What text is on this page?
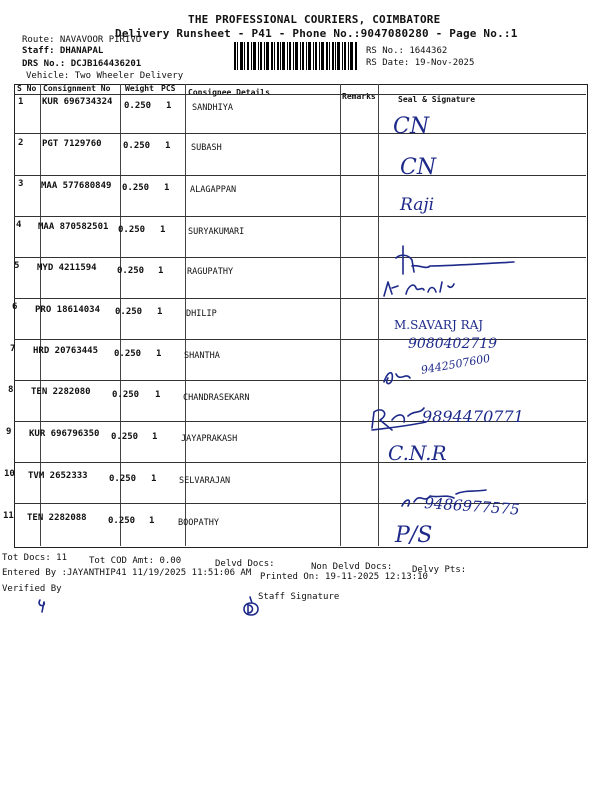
THE PROFESSIONAL COURIERS, COIMBATORE
Delivery Runsheet - P41 - Phone No.:9047080280 - Page No.:1
Route: NAVAVOOR PIRIVU
Staff: DHANAPAL
DRS No.: DCJB164436201
Vehicle: Two Wheeler Delivery
RS No.: 1644362
RS Date: 19-Nov-2025
S No Consignment No Weight PCS Consignee Details	Remarks	Seal & Signature
1 KUR 696734324 0.250 1 SANDHIYA
2 PGT 7129760 0.250 1 SUBASH
3 MAA 577680849 0.250 1 ALAGAPPAN
4 MAA 870582501 0.250 1	SURYAKUMARI
5 MYD 4211594 0.250 1	RAGUPATHY
6 PRO 18614034 0.250 1	DHILIP
7 HRD 20763445 0.250 1	SHANTHA
8 TEN 2282080 0.250 1	CHANDRASEKARN
9 KUR 696796350 0.250 1	JAYAPRAKASH
10 TVM 2652333 0.250 1	SELVARAJAN
11 TEN 2282088 0.250 1	BOOPATHY
CN
CN
Raji
M.SAVARJ RAJ
9080402719
9442507600
9894470771
C.N.R
9486977575
P/S
Tot Docs: 11 Tot COD Amt: 0.00	Delvd Docs:	Non Delvd Docs: Delvy Pts:
Entered By :JAYANTHIP41 11/19/2025 11:51:06 AM Printed On: 19-11-2025 12:13:10
Verified By
Staff Signature
